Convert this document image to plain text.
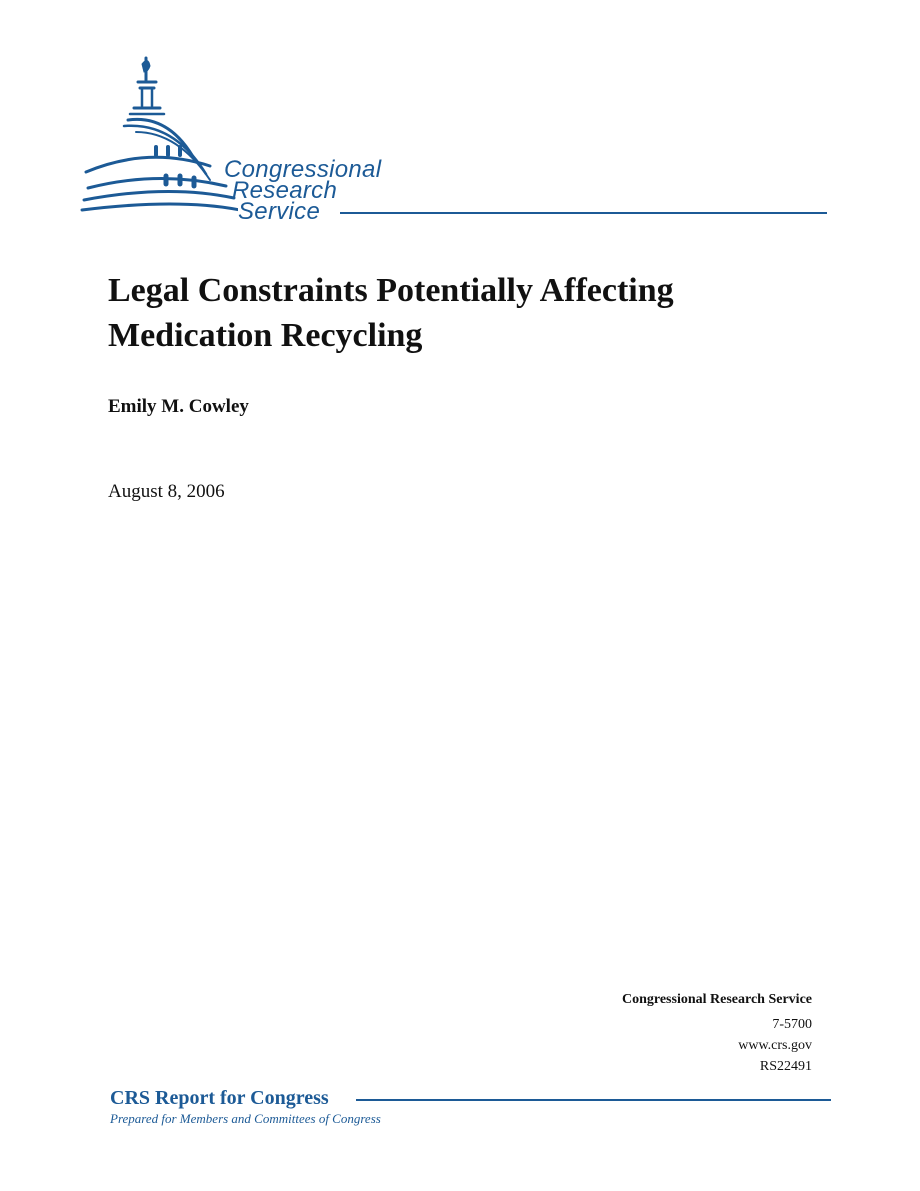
Congressional
Research
Service
Legal Constraints Potentially Affecting Medication Recycling
Emily M. Cowley
August 8, 2006
Congressional Research Service
7-5700
www.crs.gov
RS22491
CRS Report for Congress
Prepared for Members and Committees of Congress
